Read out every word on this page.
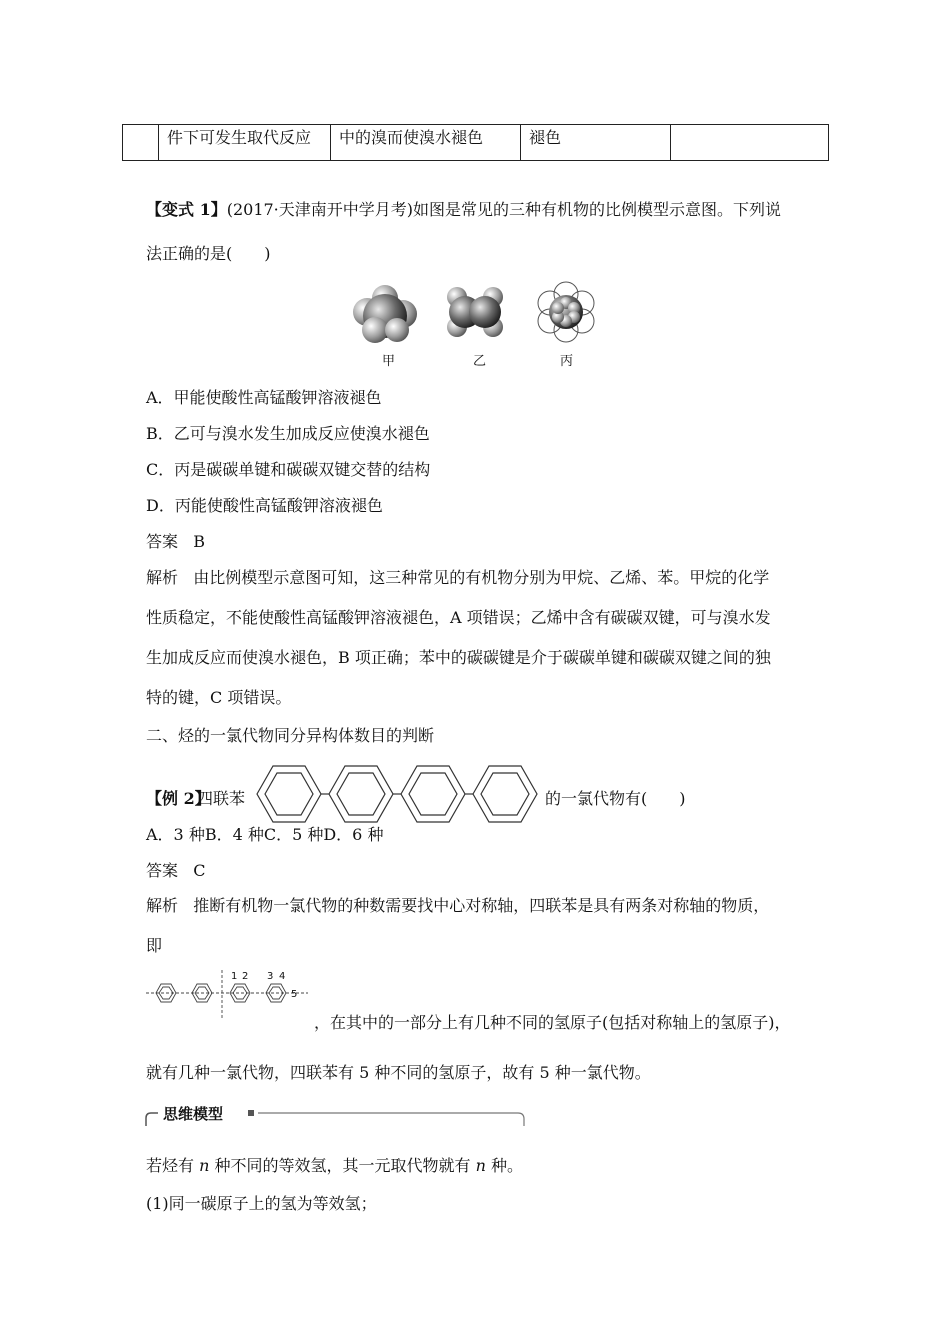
	件下可发生取代反应	中的溴而使溴水褪色	褪色	
【变式 1】(2017·天津南开中学月考)如图是常见的三种有机物的比例模型示意图。下列说
法正确的是(　　)
甲	乙	丙
A．甲能使酸性高锰酸钾溶液褪色
B．乙可与溴水发生加成反应使溴水褪色
C．丙是碳碳单键和碳碳双键交替的结构
D．丙能使酸性高锰酸钾溶液褪色
答案 B
解析 由比例模型示意图可知，这三种常见的有机物分别为甲烷、乙烯、苯。甲烷的化学
性质稳定，不能使酸性高锰酸钾溶液褪色，A 项错误；乙烯中含有碳碳双键，可与溴水发
生加成反应而使溴水褪色，B 项正确；苯中的碳碳键是介于碳碳单键和碳碳双键之间的独
特的键，C 项错误。
二、烃的一氯代物同分异构体数目的判断
【例 2】
四联苯	的一氯代物有(　　)
A．3 种B．4 种C．5 种D．6 种
答案 C
解析 推断有机物一氯代物的种数需要找中心对称轴，四联苯是具有两条对称轴的物质，
即
1 2 3 4
5
，在其中的一部分上有几种不同的氢原子(包括对称轴上的氢原子)，
就有几种一氯代物，四联苯有 5 种不同的氢原子，故有 5 种一氯代物。
思维模型
若烃有 n 种不同的等效氢，其一元取代物就有 n 种。
(1)同一碳原子上的氢为等效氢；
